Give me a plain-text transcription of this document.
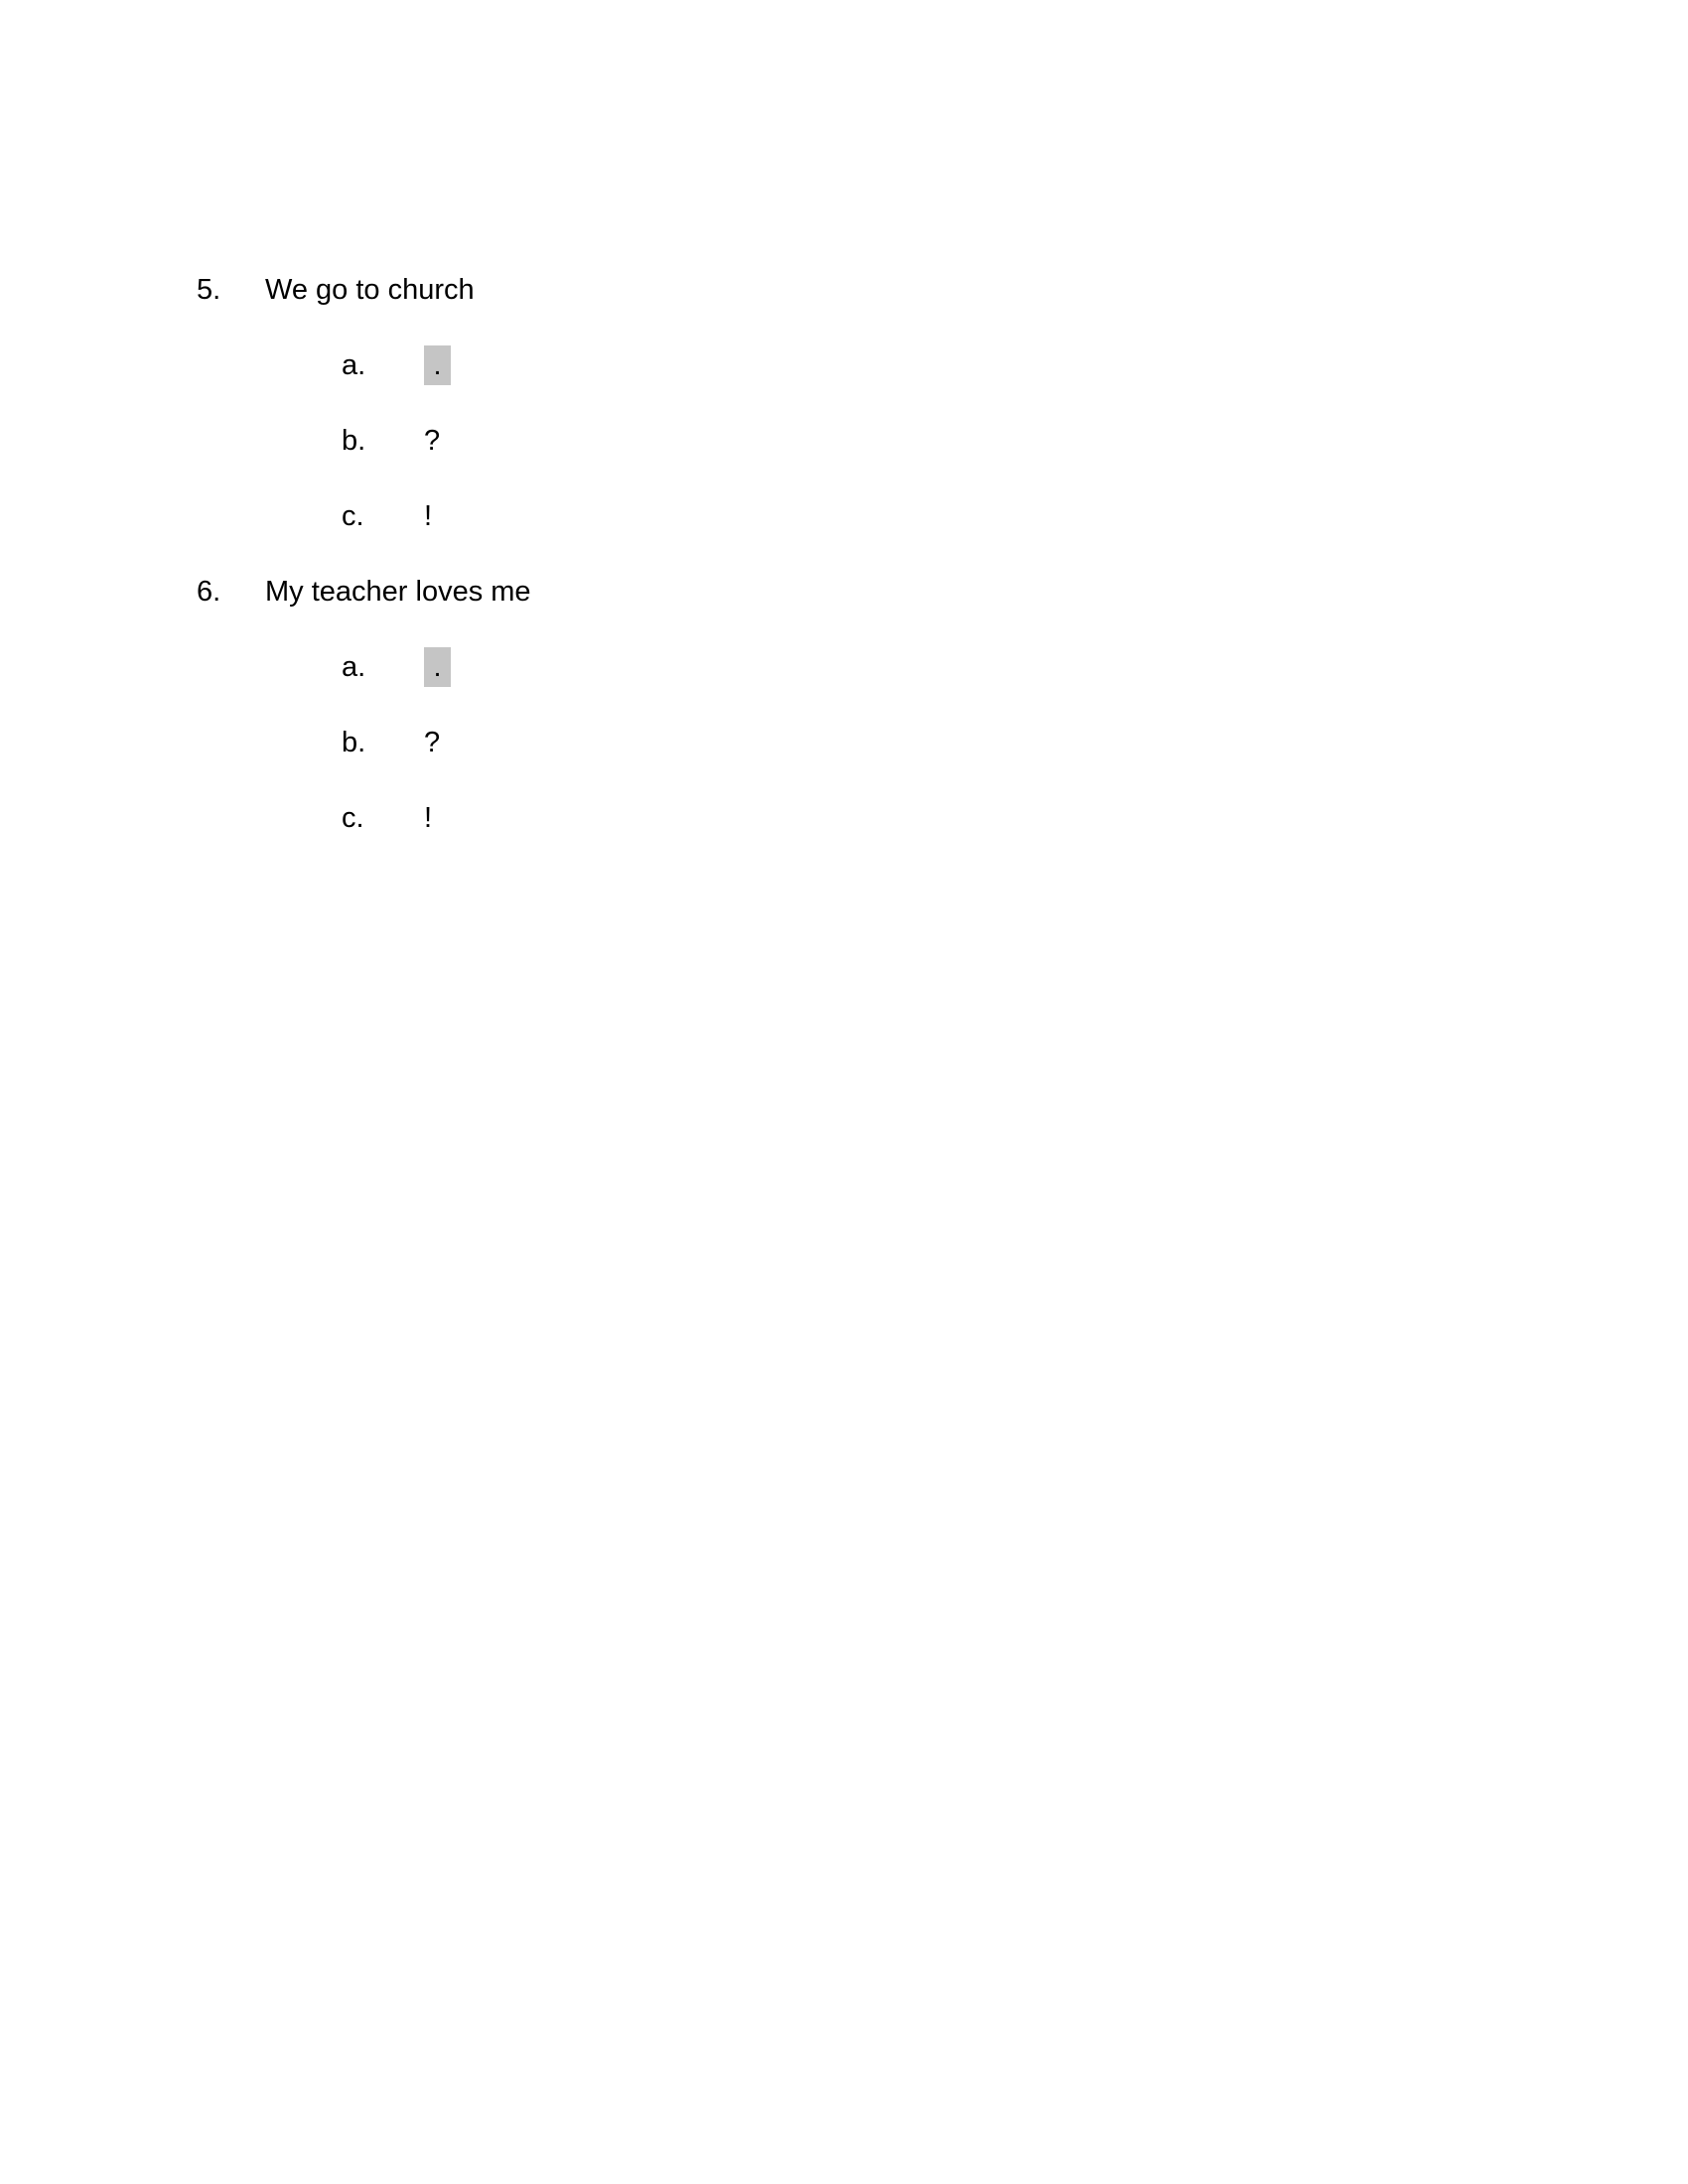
5.	We go to church
a.	.
b.	?
c.	!
6.	My teacher loves me
a.	.
b.	?
c.	!
